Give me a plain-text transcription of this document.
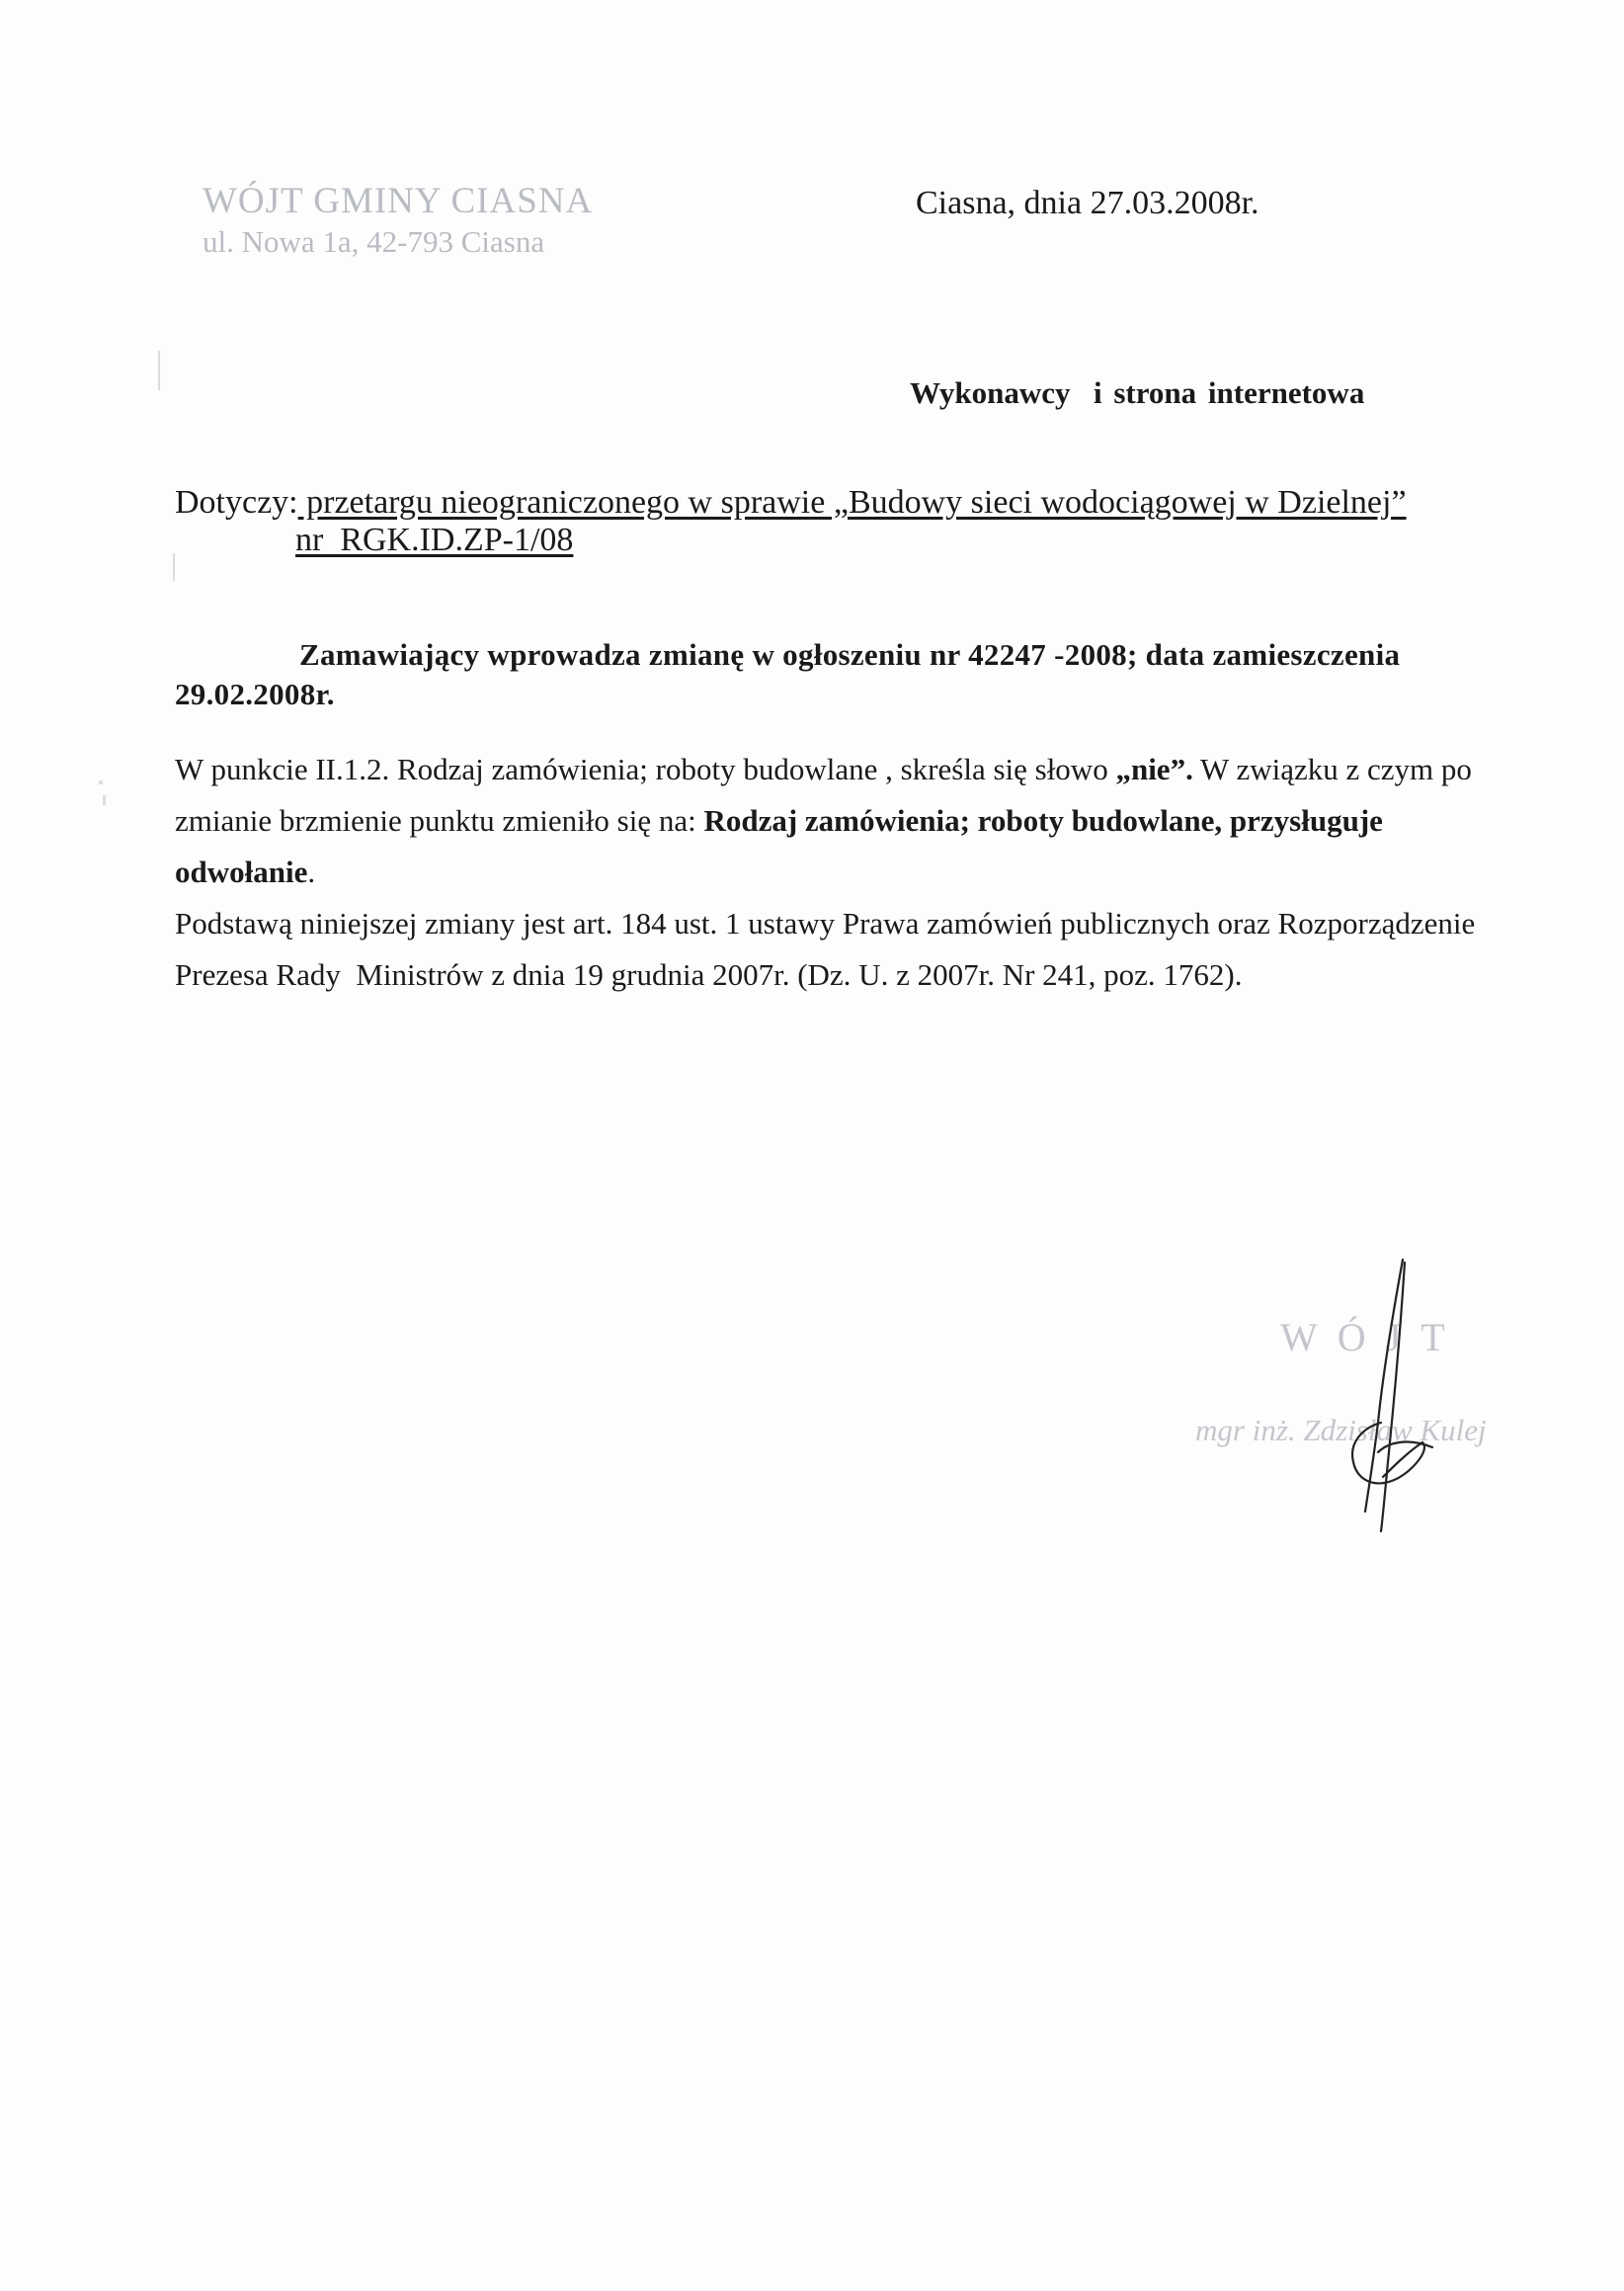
WÓJT GMINY CIASNA
ul. Nowa 1a, 42-793 Ciasna
Ciasna, dnia 27.03.2008r.
Wykonawcy  i strona internetowa
Dotyczy: przetargu nieograniczonego w sprawie „Budowy sieci wodociągowej w Dzielnej”
nr  RGK.ID.ZP-1/08
Zamawiający wprowadza zmianę w ogłoszeniu nr 42247 -2008; data zamieszczenia
29.02.2008r.

W punkcie II.1.2. Rodzaj zamówienia; roboty budowlane , skreśla się słowo „nie”. W związku z czym po zmianie brzmienie punktu zmieniło się na: Rodzaj zamówienia; roboty budowlane, przysługuje odwołanie.

Podstawą niniejszej zmiany jest art. 184 ust. 1 ustawy Prawa zamówień publicznych oraz Rozporządzenie Prezesa Rady  Ministrów z dnia 19 grudnia 2007r. (Dz. U. z 2007r. Nr 241, poz. 1762).

WÓJT
mgr inż. Zdzisław Kulej
